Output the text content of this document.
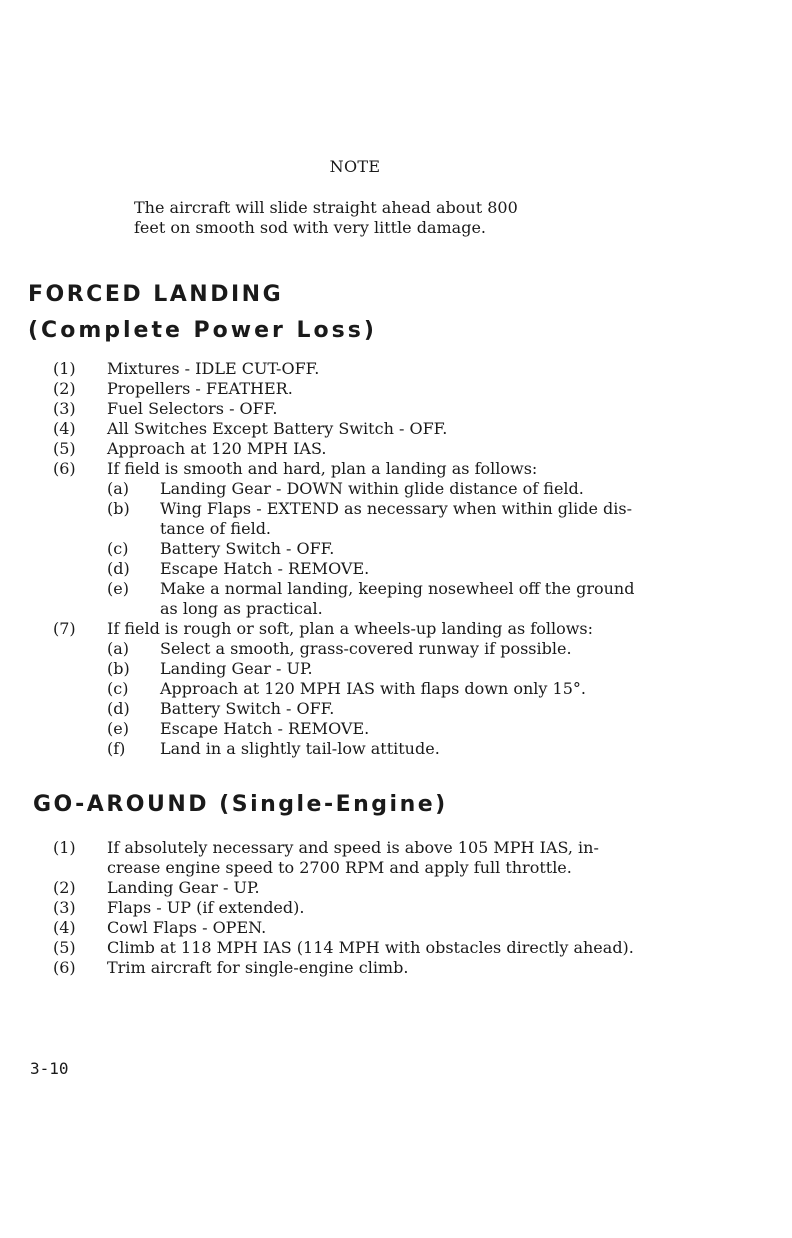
NOTE
The aircraft will slide straight ahead about 800
feet on smooth sod with very little damage.
FORCED LANDING
(Complete Power Loss)
(1) Mixtures - IDLE CUT-OFF.
(2) Propellers - FEATHER.
(3) Fuel Selectors - OFF.
(4) All Switches Except Battery Switch - OFF.
(5) Approach at 120 MPH IAS.
(6) If field is smooth and hard, plan a landing as follows:
(a) Landing Gear - DOWN within glide distance of field.
(b) Wing Flaps - EXTEND as necessary when within glide dis-
tance of field.
(c) Battery Switch - OFF.
(d) Escape Hatch - REMOVE.
(e) Make a normal landing, keeping nosewheel off the ground
as long as practical.
(7) If field is rough or soft, plan a wheels-up landing as follows:
(a) Select a smooth, grass-covered runway if possible.
(b) Landing Gear - UP.
(c) Approach at 120 MPH IAS with flaps down only 15°.
(d) Battery Switch - OFF.
(e) Escape Hatch - REMOVE.
(f) Land in a slightly tail-low attitude.
GO-AROUND (Single-Engine)
(1) If absolutely necessary and speed is above 105 MPH IAS, in-
crease engine speed to 2700 RPM and apply full throttle.
(2) Landing Gear - UP.
(3) Flaps - UP (if extended).
(4) Cowl Flaps - OPEN.
(5) Climb at 118 MPH IAS (114 MPH with obstacles directly ahead).
(6) Trim aircraft for single-engine climb.
3-10
